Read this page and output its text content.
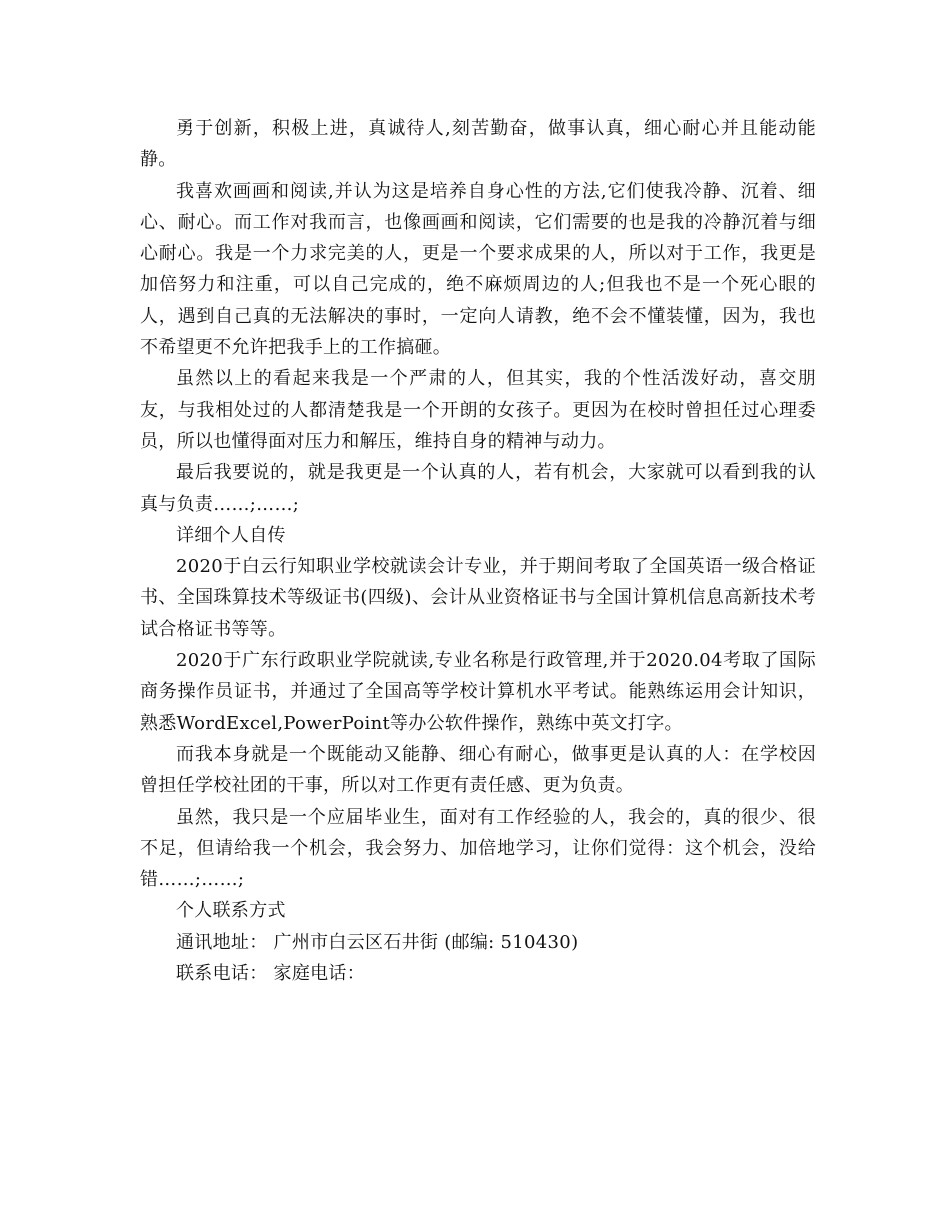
勇于创新，积极上进，真诚待人,刻苦勤奋，做事认真，细心耐心并且能动能静。

我喜欢画画和阅读,并认为这是培养自身心性的方法,它们使我冷静、沉着、细心、耐心。而工作对我而言，也像画画和阅读，它们需要的也是我的冷静沉着与细心耐心。我是一个力求完美的人，更是一个要求成果的人，所以对于工作，我更是加倍努力和注重，可以自己完成的，绝不麻烦周边的人;但我也不是一个死心眼的人，遇到自己真的无法解决的事时，一定向人请教，绝不会不懂装懂，因为，我也不希望更不允许把我手上的工作搞砸。

虽然以上的看起来我是一个严肃的人，但其实，我的个性活泼好动，喜交朋友，与我相处过的人都清楚我是一个开朗的女孩子。更因为在校时曾担任过心理委员，所以也懂得面对压力和解压，维持自身的精神与动力。

最后我要说的，就是我更是一个认真的人，若有机会，大家就可以看到我的认真与负责……;……;

详细个人自传

2020于白云行知职业学校就读会计专业，并于期间考取了全国英语一级合格证书、全国珠算技术等级证书(四级)、会计从业资格证书与全国计算机信息高新技术考试合格证书等等。

2020于广东行政职业学院就读,专业名称是行政管理,并于2020.04考取了国际商务操作员证书，并通过了全国高等学校计算机水平考试。能熟练运用会计知识，熟悉WordExcel,PowerPoint等办公软件操作，熟练中英文打字。

而我本身就是一个既能动又能静、细心有耐心，做事更是认真的人：在学校因曾担任学校社团的干事，所以对工作更有责任感、更为负责。

虽然，我只是一个应届毕业生，面对有工作经验的人，我会的，真的很少、很不足，但请给我一个机会，我会努力、加倍地学习，让你们觉得：这个机会，没给错……;……;

个人联系方式

通讯地址： 广州市白云区石井街 (邮编: 510430)

联系电话： 家庭电话：
